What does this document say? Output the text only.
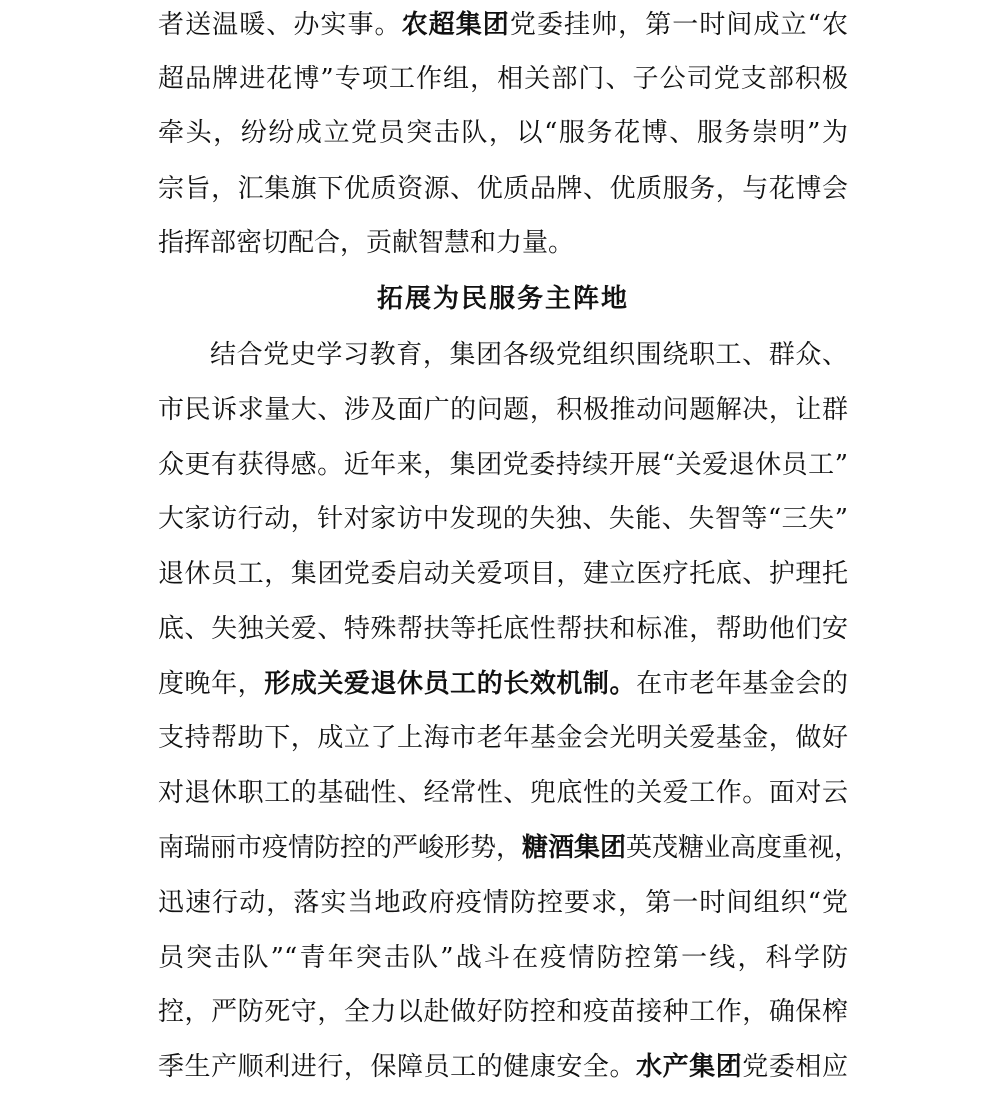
者送温暖、办实事。农超集团党委挂帅，第一时间成立“农
超品牌进花博”专项工作组，相关部门、子公司党支部积极
牵头，纷纷成立党员突击队，以“服务花博、服务崇明”为
宗旨，汇集旗下优质资源、优质品牌、优质服务，与花博会
指挥部密切配合，贡献智慧和力量。
拓展为民服务主阵地
结合党史学习教育，集团各级党组织围绕职工、群众、
市民诉求量大、涉及面广的问题，积极推动问题解决，让群
众更有获得感。近年来，集团党委持续开展“关爱退休员工”
大家访行动，针对家访中发现的失独、失能、失智等“三失”
退休员工，集团党委启动关爱项目，建立医疗托底、护理托
底、失独关爱、特殊帮扶等托底性帮扶和标准，帮助他们安
度晚年，形成关爱退休员工的长效机制。在市老年基金会的
支持帮助下，成立了上海市老年基金会光明关爱基金，做好
对退休职工的基础性、经常性、兜底性的关爱工作。面对云
南瑞丽市疫情防控的严峻形势，糖酒集团英茂糖业高度重视，
迅速行动，落实当地政府疫情防控要求，第一时间组织“党
员突击队”“青年突击队”战斗在疫情防控第一线，科学防
控，严防死守，全力以赴做好防控和疫苗接种工作，确保榨
季生产顺利进行，保障员工的健康安全。水产集团党委相应
